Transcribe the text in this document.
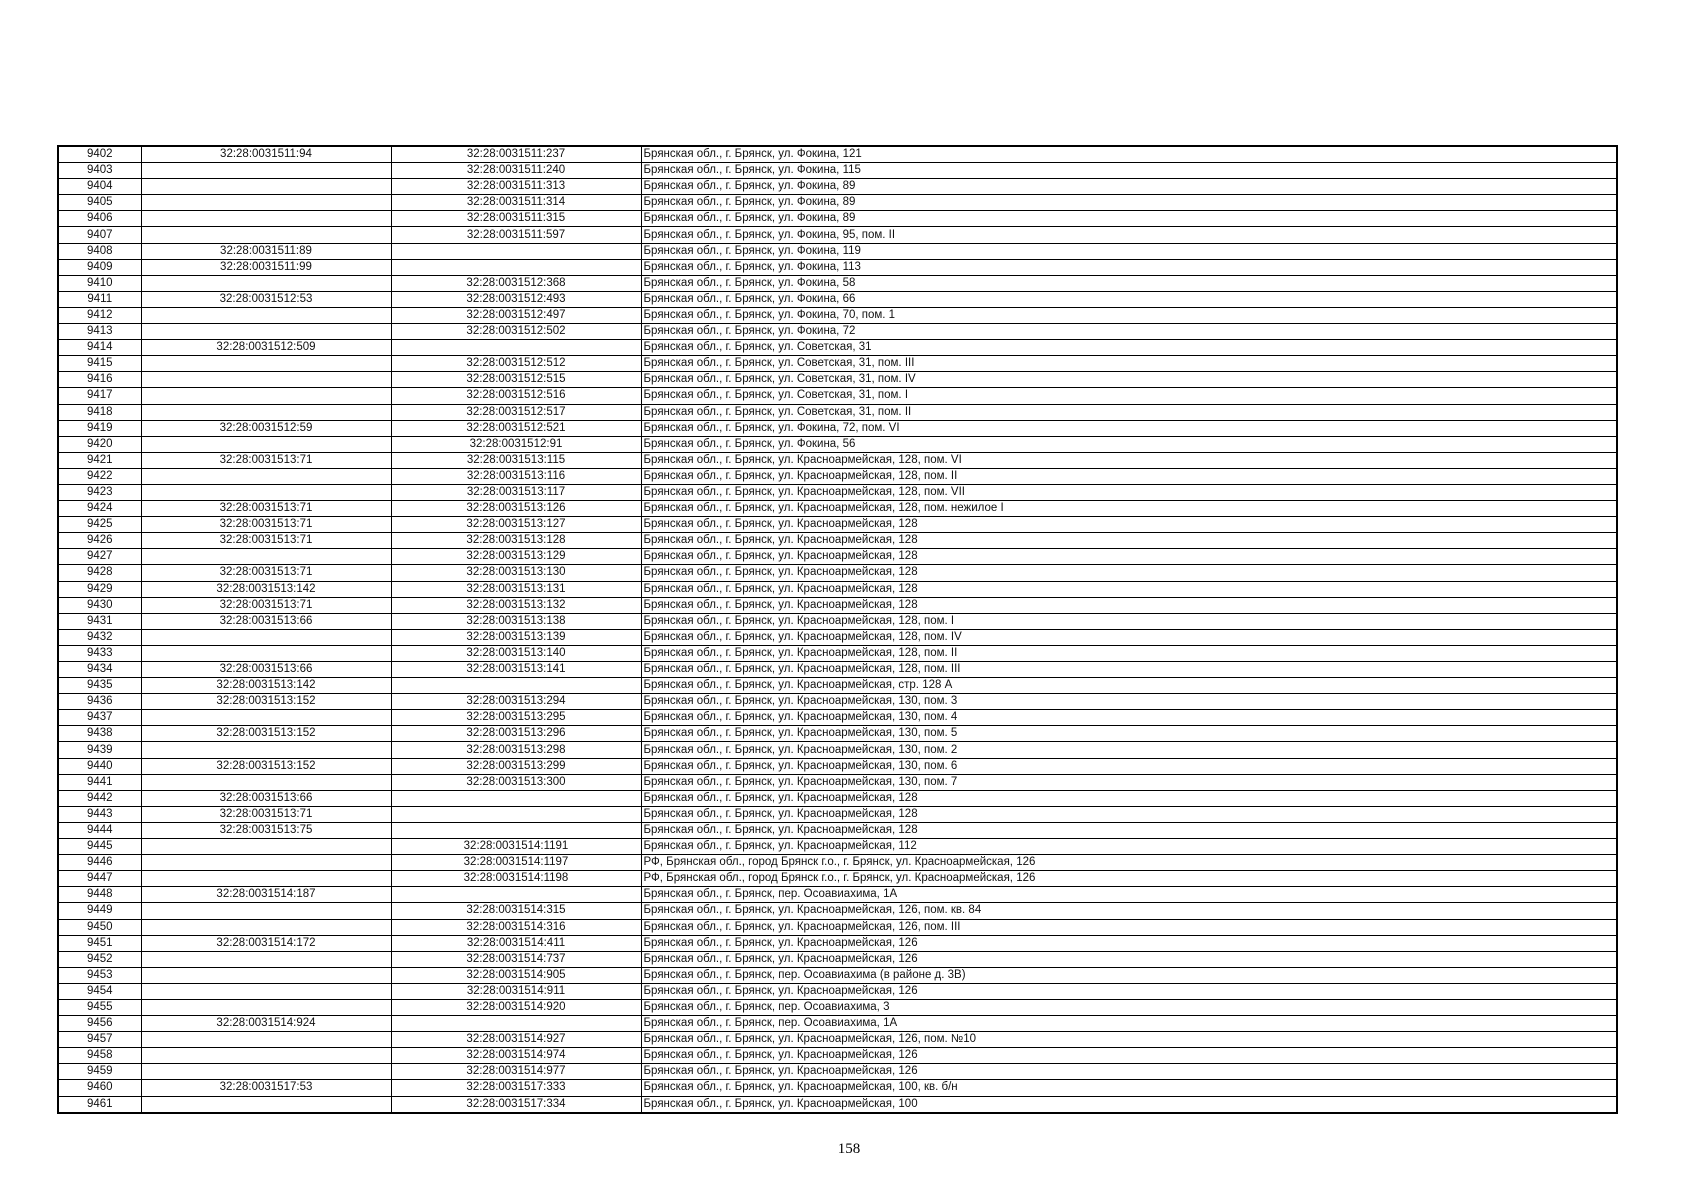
9402	32:28:0031511:94	32:28:0031511:237	Брянская обл., г. Брянск, ул. Фокина, 121
9403		32:28:0031511:240	Брянская обл., г. Брянск, ул. Фокина, 115
9404		32:28:0031511:313	Брянская обл., г. Брянск, ул. Фокина, 89
9405		32:28:0031511:314	Брянская обл., г. Брянск, ул. Фокина, 89
9406		32:28:0031511:315	Брянская обл., г. Брянск, ул. Фокина, 89
9407		32:28:0031511:597	Брянская обл., г. Брянск, ул. Фокина, 95, пом. II
9408	32:28:0031511:89		Брянская обл., г. Брянск, ул. Фокина, 119
9409	32:28:0031511:99		Брянская обл., г. Брянск, ул. Фокина, 113
9410		32:28:0031512:368	Брянская обл., г. Брянск, ул. Фокина, 58
9411	32:28:0031512:53	32:28:0031512:493	Брянская обл., г. Брянск, ул. Фокина, 66
9412		32:28:0031512:497	Брянская обл., г. Брянск, ул. Фокина, 70, пом. 1
9413		32:28:0031512:502	Брянская обл., г. Брянск, ул. Фокина, 72
9414	32:28:0031512:509		Брянская обл., г. Брянск, ул. Советская, 31
9415		32:28:0031512:512	Брянская обл., г. Брянск, ул. Советская, 31, пом. III
9416		32:28:0031512:515	Брянская обл., г. Брянск, ул. Советская, 31, пом. IV
9417		32:28:0031512:516	Брянская обл., г. Брянск, ул. Советская, 31, пом. I
9418		32:28:0031512:517	Брянская обл., г. Брянск, ул. Советская, 31, пом. II
9419	32:28:0031512:59	32:28:0031512:521	Брянская обл., г. Брянск, ул. Фокина, 72, пом. VI
9420		32:28:0031512:91	Брянская обл., г. Брянск, ул. Фокина, 56
9421	32:28:0031513:71	32:28:0031513:115	Брянская обл., г. Брянск, ул. Красноармейская, 128, пом. VI
9422		32:28:0031513:116	Брянская обл., г. Брянск, ул. Красноармейская, 128, пом. II
9423		32:28:0031513:117	Брянская обл., г. Брянск, ул. Красноармейская, 128, пом. VII
9424	32:28:0031513:71	32:28:0031513:126	Брянская обл., г. Брянск, ул. Красноармейская, 128, пом. нежилое I
9425	32:28:0031513:71	32:28:0031513:127	Брянская обл., г. Брянск, ул. Красноармейская, 128
9426	32:28:0031513:71	32:28:0031513:128	Брянская обл., г. Брянск, ул. Красноармейская, 128
9427		32:28:0031513:129	Брянская обл., г. Брянск, ул. Красноармейская, 128
9428	32:28:0031513:71	32:28:0031513:130	Брянская обл., г. Брянск, ул. Красноармейская, 128
9429	32:28:0031513:142	32:28:0031513:131	Брянская обл., г. Брянск, ул. Красноармейская, 128
9430	32:28:0031513:71	32:28:0031513:132	Брянская обл., г. Брянск, ул. Красноармейская, 128
9431	32:28:0031513:66	32:28:0031513:138	Брянская обл., г. Брянск, ул. Красноармейская, 128, пом. I
9432		32:28:0031513:139	Брянская обл., г. Брянск, ул. Красноармейская, 128, пом. IV
9433		32:28:0031513:140	Брянская обл., г. Брянск, ул. Красноармейская, 128, пом. II
9434	32:28:0031513:66	32:28:0031513:141	Брянская обл., г. Брянск, ул. Красноармейская, 128, пом. III
9435	32:28:0031513:142		Брянская обл., г. Брянск, ул. Красноармейская, стр. 128 А
9436	32:28:0031513:152	32:28:0031513:294	Брянская обл., г. Брянск, ул. Красноармейская, 130, пом. 3
9437		32:28:0031513:295	Брянская обл., г. Брянск, ул. Красноармейская, 130, пом. 4
9438	32:28:0031513:152	32:28:0031513:296	Брянская обл., г. Брянск, ул. Красноармейская, 130, пом. 5
9439		32:28:0031513:298	Брянская обл., г. Брянск, ул. Красноармейская, 130, пом. 2
9440	32:28:0031513:152	32:28:0031513:299	Брянская обл., г. Брянск, ул. Красноармейская, 130, пом. 6
9441		32:28:0031513:300	Брянская обл., г. Брянск, ул. Красноармейская, 130, пом. 7
9442	32:28:0031513:66		Брянская обл., г. Брянск, ул. Красноармейская, 128
9443	32:28:0031513:71		Брянская обл., г. Брянск, ул. Красноармейская, 128
9444	32:28:0031513:75		Брянская обл., г. Брянск, ул. Красноармейская, 128
9445		32:28:0031514:1191	Брянская обл., г. Брянск, ул. Красноармейская, 112
9446		32:28:0031514:1197	РФ, Брянская обл., город Брянск г.о., г. Брянск, ул. Красноармейская, 126
9447		32:28:0031514:1198	РФ, Брянская обл., город Брянск г.о., г. Брянск, ул. Красноармейская, 126
9448	32:28:0031514:187		Брянская обл., г. Брянск, пер. Осоавиахима, 1А
9449		32:28:0031514:315	Брянская обл., г. Брянск, ул. Красноармейская, 126, пом. кв. 84
9450		32:28:0031514:316	Брянская обл., г. Брянск, ул. Красноармейская, 126, пом. III
9451	32:28:0031514:172	32:28:0031514:411	Брянская обл., г. Брянск, ул. Красноармейская, 126
9452		32:28:0031514:737	Брянская обл., г. Брянск, ул. Красноармейская, 126
9453		32:28:0031514:905	Брянская обл., г. Брянск, пер. Осоавиахима (в районе д. 3В)
9454		32:28:0031514:911	Брянская обл., г. Брянск, ул. Красноармейская, 126
9455		32:28:0031514:920	Брянская обл., г. Брянск, пер. Осоавиахима, 3
9456	32:28:0031514:924		Брянская обл., г. Брянск, пер. Осоавиахима, 1А
9457		32:28:0031514:927	Брянская обл., г. Брянск, ул. Красноармейская, 126, пом. №10
9458		32:28:0031514:974	Брянская обл., г. Брянск, ул. Красноармейская, 126
9459		32:28:0031514:977	Брянская обл., г. Брянск, ул. Красноармейская, 126
9460	32:28:0031517:53	32:28:0031517:333	Брянская обл., г. Брянск, ул. Красноармейская, 100, кв. б/н
9461		32:28:0031517:334	Брянская обл., г. Брянск, ул. Красноармейская, 100
158
